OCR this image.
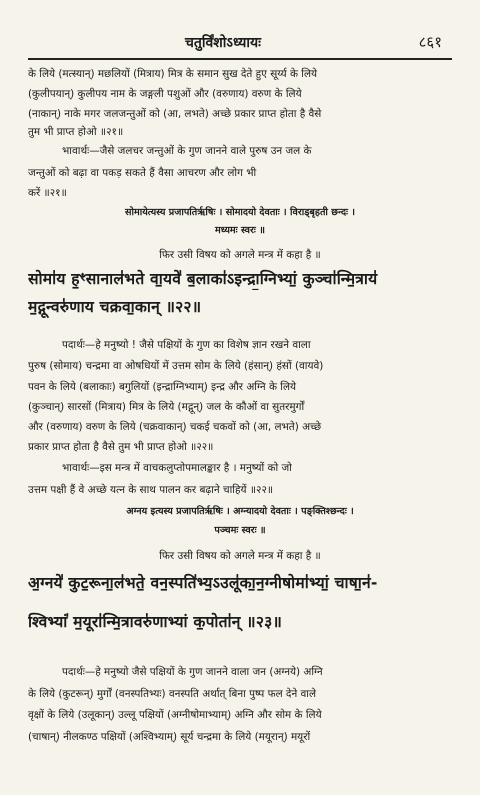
चतुर्विंशोऽध्यायः	८६१
के लिये (मत्स्यान्) मछलियों (मित्राय) मित्र के समान सुख देते हुए सूर्य्य के लिये
(कुलीपयान्) कुलीपय नाम के जङ्गली पशुओं और (वरुणाय) वरुण के लिये
(नाकान्) नाके मगर जलजन्तुओं को (आ, लभते) अच्छे प्रकार प्राप्त होता है वैसे
तुम भी प्राप्त होओ ॥२१॥
भावार्थः—जैसे जलचर जन्तुओं के गुण जानने वाले पुरुष उन जल के
जन्तुओं को बढ़ा वा पकड़ सकते हैं वैसा आचरण और लोग भी
करें ॥२१॥
सोमायेत्यस्य प्रजापतिर्ऋषिः । सोमादयो देवताः । विराड्बृहती छन्दः ।
मध्यमः स्वरः ॥
फिर उसी विषय को अगले मन्त्र में कहा है ॥
सोमा॑य ह॒ꣳसानाल॑भते वा॒यवे॑ ब॒लाका॑ऽइन्द्रा॒ग्निभ्यां॒ कुञ्चा॑न्मि॒त्राय॑
म॒द्गून्वरु॑णाय चक्रवा॒कान् ॥२२॥
पदार्थः—हे मनुष्यो ! जैसे पक्षियों के गुण का विशेष ज्ञान रखने वाला
पुरुष (सोमाय) चन्द्रमा वा ओषधियों में उत्तम सोम के लिये (हंसान्) हंसों (वायवे)
पवन के लिये (बलाकाः) बगुलियों (इन्द्राग्निभ्याम्) इन्द्र और अग्नि के लिये
(कुञ्चान्) सारसों (मित्राय) मित्र के लिये (मद्गून्) जल के कौओं वा सुतरमुर्गों
और (वरुणाय) वरुण के लिये (चक्रवाकान्) चकई चकवों को (आ, लभते) अच्छे
प्रकार प्राप्त होता है वैसे तुम भी प्राप्त होओ ॥२२॥
भावार्थः—इस मन्त्र में वाचकलुप्तोपमालङ्कार है । मनुष्यों को जो
उत्तम पक्षी हैं वे अच्छे यत्न के साथ पालन कर बढ़ाने चाहियें ॥२२॥
अग्नय इत्यस्य प्रजापतिर्ऋषिः । अग्न्यादयो देवताः । पङ्क्तिश्छन्दः ।
पञ्चमः स्वरः ॥
फिर उसी विषय को अगले मन्त्र में कहा है ॥
अ॒ग्नये॑ कुट॒रूना॒ल॑भते॒ वन॒स्पति॑भ्य॒ऽउलू॑का॒न॒ग्नीषोमा॑भ्यां॒ चाषा॒न॑-
श्विभ्यां॑ म॒यूरा॑न्मि॒त्रावरु॑णाभ्यां क॒पोता॑न् ॥२३॥
पदार्थः—हे मनुष्यो जैसे पक्षियों के गुण जानने वाला जन (अग्नये) अग्नि
के लिये (कुटरून्) मुर्गों (वनस्पतिभ्यः) वनस्पति अर्थात् बिना पुष्प फल देने वाले
वृक्षों के लिये (उलूकान्) उल्लू पक्षियों (अग्नीषोमाभ्याम्) अग्नि और सोम के लिये
(चाषान्) नीलकण्ठ पक्षियों (अश्विभ्याम्) सूर्य चन्द्रमा के लिये (मयूरान्) मयूरों
